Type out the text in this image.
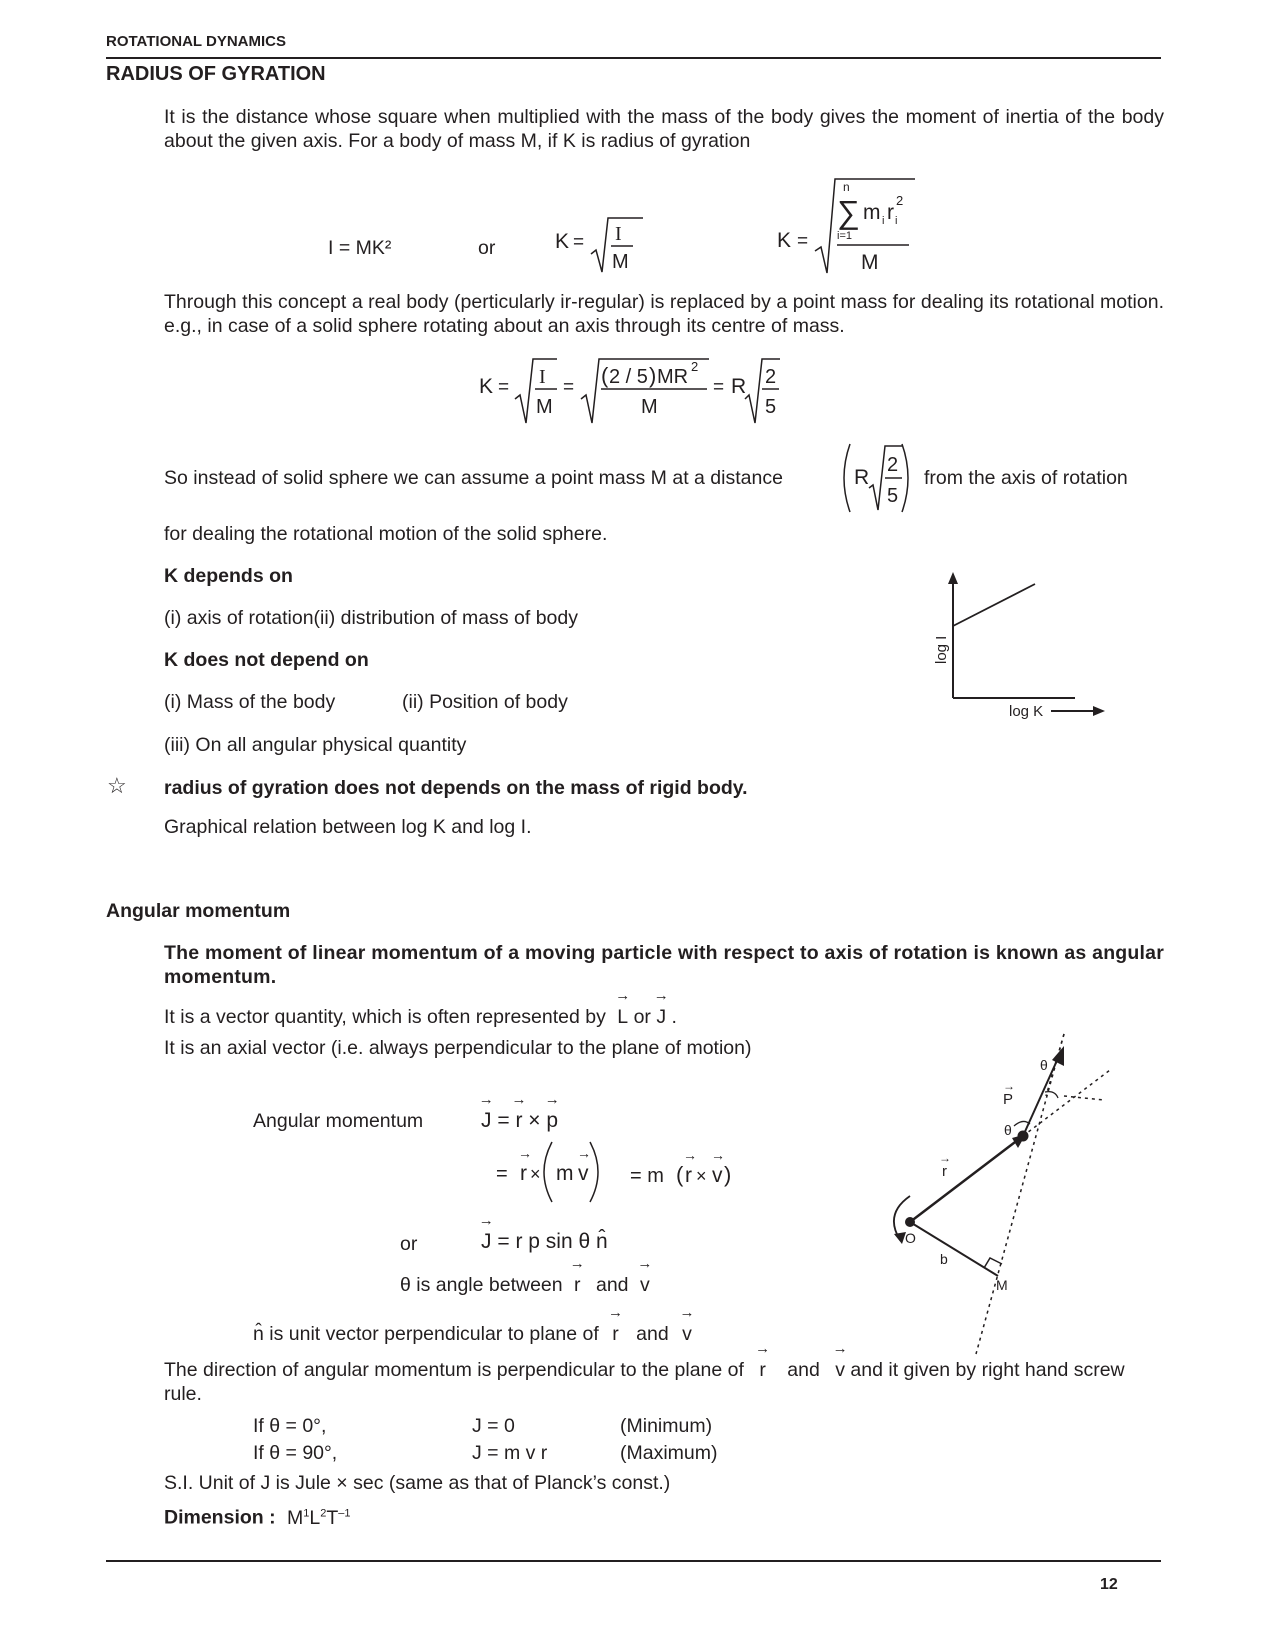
ROTATIONAL DYNAMICS
RADIUS OF GYRATION
It is the distance whose square when multiplied with the mass of the body gives the moment of inertia of the body about the given axis. For a body of mass M, if K is radius of gyration
I = MK²	or	K = I
M
K =
n
∑
i=1
m i r i
2
M
Through this concept a real body (perticularly ir-regular) is replaced by a point mass for dealing its rotational motion. e.g., in case of a solid sphere rotating about an axis through its centre of mass.
K = I
M
= ( 2 / 5 ) MR 2
M
= R 2
5
So instead of solid sphere we can assume a point mass M at a distance	R
2
5
from the axis of rotation
for dealing the rotational motion of the solid sphere.
K depends on
(i) axis of rotation(ii) distribution of mass of body
K does not depend on
(i) Mass of the body	(ii) Position of body
(iii) On all angular physical quantity
log I
log K
☆ radius of gyration does not depends on the mass of rigid body.
Graphical relation between log K and log I.
Angular momentum
The moment of linear momentum of a moving particle with respect to axis of rotation is known as angular momentum.
It is a vector quantity, which is often represented by → L or → J .
It is an axial vector (i.e. always perpendicular to the plane of motion)
Angular momentum	→ J = → r × → p
= r
→
× m v
→
= m ( r
→
× v
→
)
or	→ J = r p sin θ n̂
θ is angle between → r and → v
n̂ is unit vector perpendicular to plane of → r and → v
O
M
b
r
→
P
→
θ
θ
The direction of angular momentum is perpendicular to the plane of → r and → v and it given by right hand screw rule.
If θ = 0°,	J = 0	(Minimum)
If θ = 90°,	J = m v r	(Maximum)
S.I. Unit of J is Jule × sec (same as that of Planck’s const.)
Dimension : $M^1L^2T^{-1}$
12
